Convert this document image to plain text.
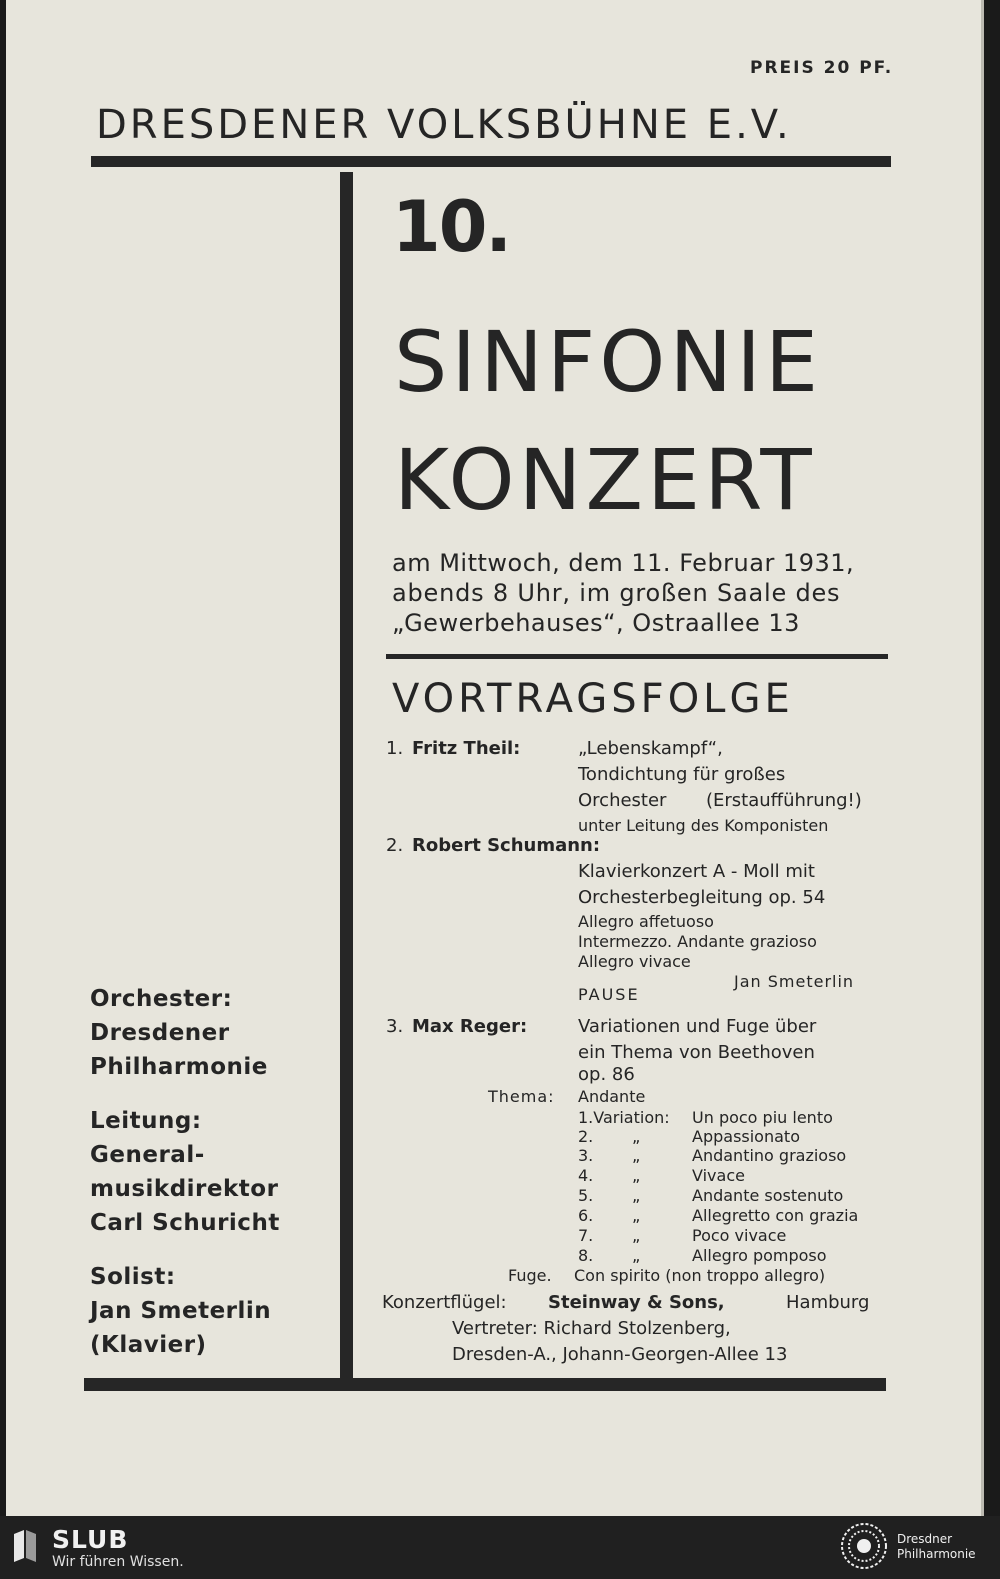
PREIS 20 PF.
DRESDENER VOLKSBÜHNE E.V.
10.
SINFONIE
KONZERT
am Mittwoch, dem 11. Februar 1931,
abends 8 Uhr, im großen Saale des
„Gewerbehauses“, Ostraallee 13
VORTRAGSFOLGE
1. Fritz Theil:	„Lebenskampf“,
Tondichtung für großes
Orchester (Erstaufführung!)
unter Leitung des Komponisten
2. Robert Schumann:
Klavierkonzert A - Moll mit
Orchesterbegleitung op. 54
Allegro affetuoso
Intermezzo. Andante grazioso
Allegro vivace
Jan Smeterlin
PAUSE
3. Max Reger:	Variationen und Fuge über
ein Thema von Beethoven
op. 86
Thema: Andante
1.Variation: Un poco piu lento
2. „	Appassionato
3. „	Andantino grazioso
4. „	Vivace
5. „	Andante sostenuto
6. „	Allegretto con grazia
7. „	Poco vivace
8. „	Allegro pomposo
Fuge. Con spirito (non troppo allegro)
Konzertflügel: Steinway & Sons,	Hamburg
Vertreter: Richard Stolzenberg,
Dresden-A., Johann-Georgen-Allee 13
Orchester:
Dresdener
Philharmonie
Leitung:
General-
musikdirektor
Carl Schuricht
Solist:
Jan Smeterlin
(Klavier)
SLUB
Wir führen Wissen.
Dresdner
Philharmonie
